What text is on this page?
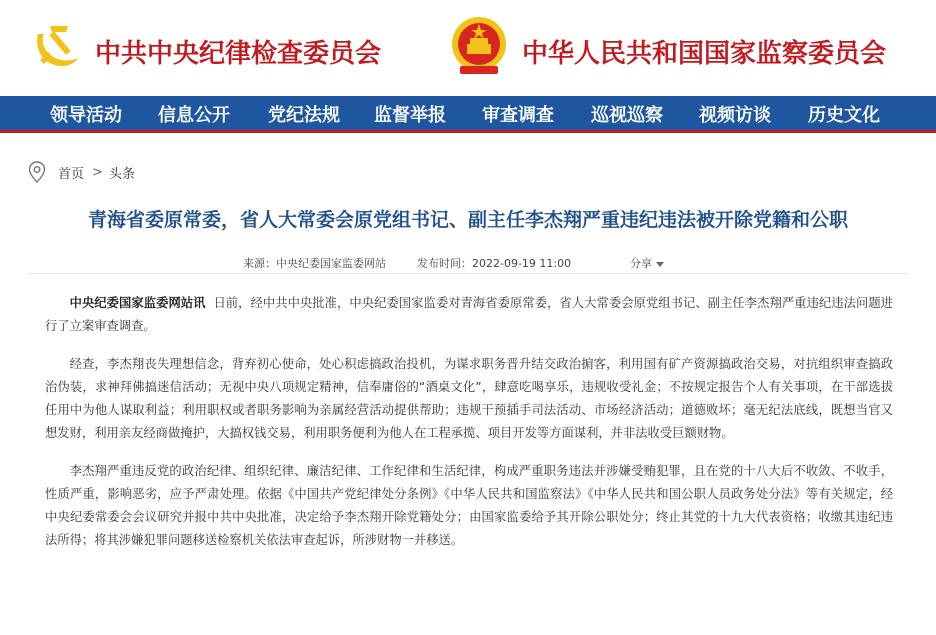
中共中央纪律检查委员会	中华人民共和国国家监察委员会
领导活动 信息公开 党纪法规 监督举报 审查调查 巡视巡察 视频访谈 历史文化
首页 > 头条
青海省委原常委，省人大常委会原党组书记、副主任李杰翔严重违纪违法被开除党籍和公职
来源：中央纪委国家监委网站	发布时间：2022-09-19 11:00	分享

中央纪委国家监委网站讯 日前，经中共中央批准，中央纪委国家监委对青海省委原常委，省人大常委会原党组书记、副主任李杰翔严重违纪违法问题进行了立案审查调查。

经查，李杰翔丧失理想信念，背弃初心使命，处心积虑搞政治投机，为谋求职务晋升结交政治掮客，利用国有矿产资源搞政治交易，对抗组织审查搞政治伪装，求神拜佛搞迷信活动；无视中央八项规定精神，信奉庸俗的“酒桌文化”，肆意吃喝享乐，违规收受礼金；不按规定报告个人有关事项，在干部选拔任用中为他人谋取利益；利用职权或者职务影响为亲属经营活动提供帮助；违规干预插手司法活动、市场经济活动；道德败坏；毫无纪法底线，既想当官又想发财，利用亲友经商做掩护，大搞权钱交易，利用职务便利为他人在工程承揽、项目开发等方面谋利，并非法收受巨额财物。

李杰翔严重违反党的政治纪律、组织纪律、廉洁纪律、工作纪律和生活纪律，构成严重职务违法并涉嫌受贿犯罪，且在党的十八大后不收敛、不收手，性质严重，影响恶劣，应予严肃处理。依据《中国共产党纪律处分条例》《中华人民共和国监察法》《中华人民共和国公职人员政务处分法》等有关规定，经中央纪委常委会会议研究并报中共中央批准，决定给予李杰翔开除党籍处分；由国家监委给予其开除公职处分；终止其党的十九大代表资格；收缴其违纪违法所得；将其涉嫌犯罪问题移送检察机关依法审查起诉，所涉财物一并移送。
